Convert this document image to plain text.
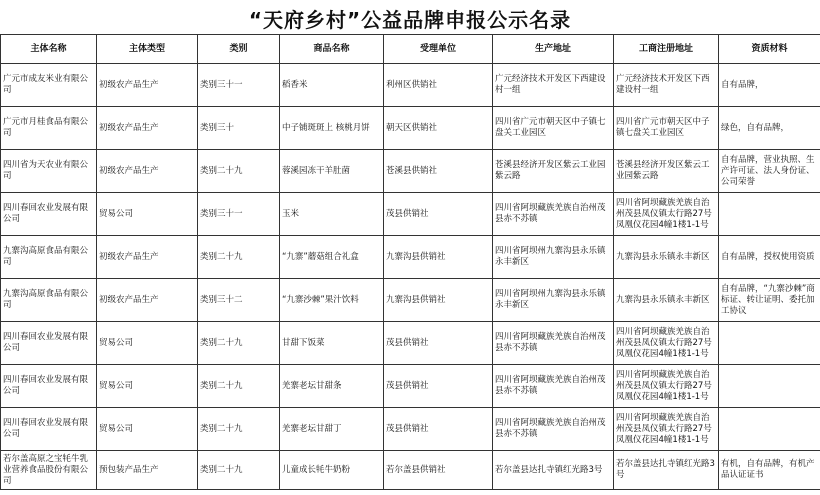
“天府乡村”公益品牌申报公示名录
主体名称	主体类型	类别	商品名称	受理单位	生产地址	工商注册地址	资质材料
广元市成友米业有限公司	初级农产品生产	类别三十一	稻香米	利州区供销社	广元经济技术开发区下西建设村一组	广元经济技术开发区下西建设村一组	自有品牌，
广元市月桂食品有限公司	初级农产品生产	类别三十	中子铺斑斑上 核桃月饼	朝天区供销社	四川省广元市朝天区中子镇七盘关工业园区	四川省广元市朝天区中子镇七盘关工业园区	绿色，自有品牌，
四川省为天农业有限公司	初级农产品生产	类别二十九	蓉溪园冻干羊肚菌	苍溪县供销社	苍溪县经济开发区紫云工业园紫云路	苍溪县经济开发区紫云工业园紫云路	自有品牌，营业执照、生产许可证、法人身份证、公司荣誉
四川春回农业发展有限公司	贸易公司	类别三十一	玉米	茂县供销社	四川省阿坝藏族羌族自治州茂县赤不苏镇	四川省阿坝藏族羌族自治州茂县凤仪镇太行路27号凤凰仪花园4幢1楼1-1号	
九寨沟高原食品有限公司	初级农产品生产	类别二十九	“九寨”蘑菇组合礼盒	九寨沟县供销社	四川省阿坝州九寨沟县永乐镇永丰新区	九寨沟县永乐镇永丰新区	自有品牌，授权使用资质
九寨沟高原食品有限公司	初级农产品生产	类别三十二	“九寨沙棘”果汁饮料	九寨沟县供销社	四川省阿坝州九寨沟县永乐镇永丰新区	九寨沟县永乐镇永丰新区	自有品牌，“九寨沙棘”商标证、转让证明、委托加工协议
四川春回农业发展有限公司	贸易公司	类别二十九	甘甜下饭菜	茂县供销社	四川省阿坝藏族羌族自治州茂县赤不苏镇	四川省阿坝藏族羌族自治州茂县凤仪镇太行路27号凤凰仪花园4幢1楼1-1号	
四川春回农业发展有限公司	贸易公司	类别二十九	羌寨老坛甘甜条	茂县供销社	四川省阿坝藏族羌族自治州茂县赤不苏镇	四川省阿坝藏族羌族自治州茂县凤仪镇太行路27号凤凰仪花园4幢1楼1-1号	
四川春回农业发展有限公司	贸易公司	类别二十九	羌寨老坛甘甜丁	茂县供销社	四川省阿坝藏族羌族自治州茂县赤不苏镇	四川省阿坝藏族羌族自治州茂县凤仪镇太行路27号凤凰仪花园4幢1楼1-1号	
若尔盖高原之宝牦牛乳业营养食品股份有限公司	预包装产品生产	类别二十九	儿童成长牦牛奶粉	若尔盖县供销社	若尔盖县达扎寺镇红光路3号	若尔盖县达扎寺镇红光路3号	有机，自有品牌，有机产品认证证书
